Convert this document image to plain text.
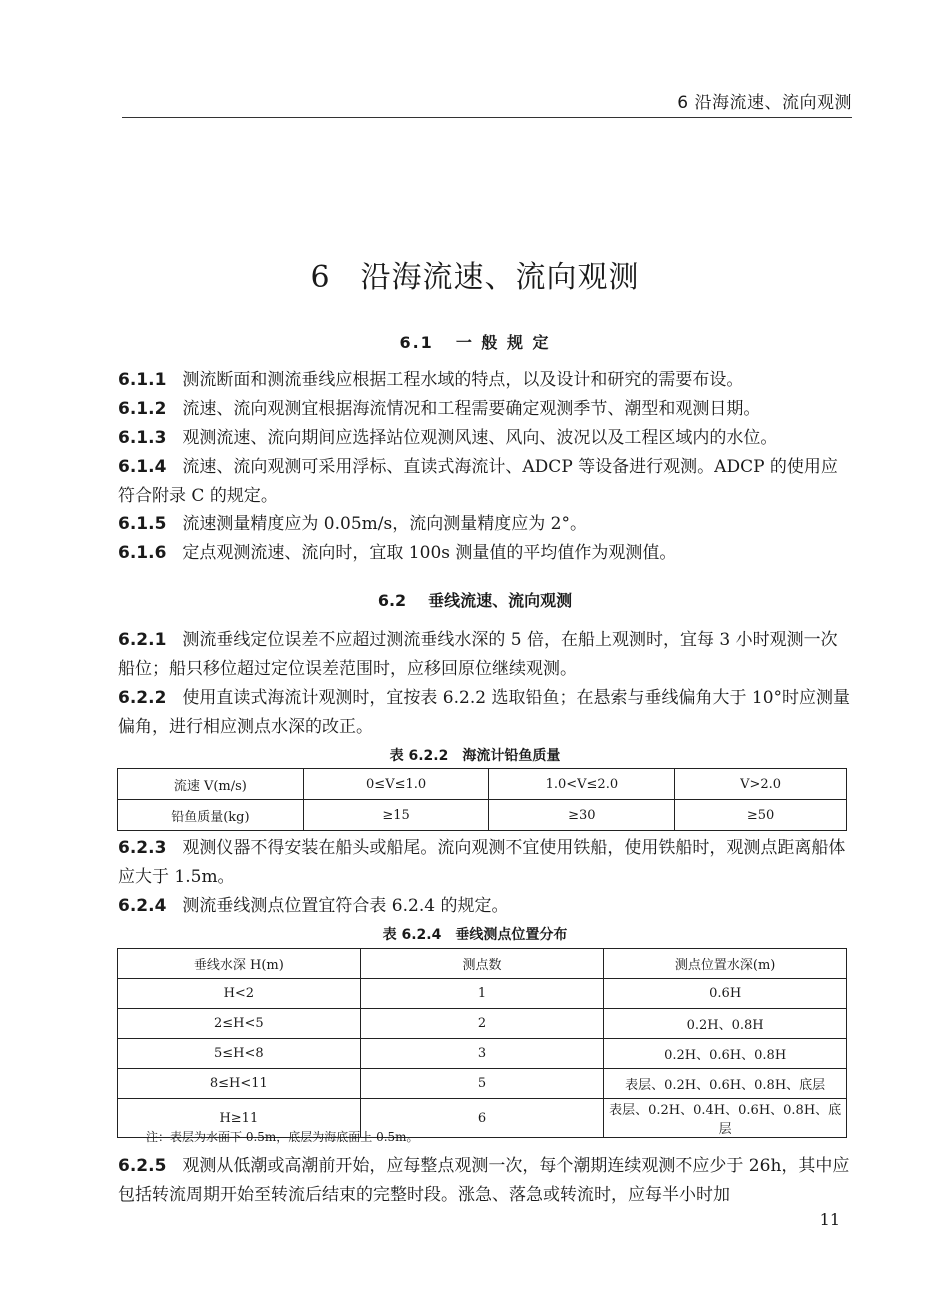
6 沿海流速、流向观测
6 沿海流速、流向观测
6.1 一 般 规 定
6.1.1 测流断面和测流垂线应根据工程水域的特点，以及设计和研究的需要布设。
6.1.2 流速、流向观测宜根据海流情况和工程需要确定观测季节、潮型和观测日期。
6.1.3 观测流速、流向期间应选择站位观测风速、风向、波况以及工程区域内的水位。
6.1.4 流速、流向观测可采用浮标、直读式海流计、ADCP 等设备进行观测。ADCP 的使用应符合附录 C 的规定。
6.1.5 流速测量精度应为 0.05m/s，流向测量精度应为 2°。
6.1.6 定点观测流速、流向时，宜取 100s 测量值的平均值作为观测值。
6.2 垂线流速、流向观测
6.2.1 测流垂线定位误差不应超过测流垂线水深的 5 倍，在船上观测时，宜每 3 小时观测一次船位；船只移位超过定位误差范围时，应移回原位继续观测。
6.2.2 使用直读式海流计观测时，宜按表 6.2.2 选取铅鱼；在悬索与垂线偏角大于 10°时应测量偏角，进行相应测点水深的改正。
表 6.2.2 海流计铅鱼质量
流速 V(m/s)	0≤V≤1.0	1.0<V≤2.0	V>2.0
铅鱼质量(kg)	≥15	≥30	≥50
6.2.3 观测仪器不得安装在船头或船尾。流向观测不宜使用铁船，使用铁船时，观测点距离船体应大于 1.5m。
6.2.4 测流垂线测点位置宜符合表 6.2.4 的规定。
表 6.2.4 垂线测点位置分布
垂线水深 H(m)	测点数	测点位置水深(m)
H<2	1	0.6H
2≤H<5	2	0.2H、0.8H
5≤H<8	3	0.2H、0.6H、0.8H
8≤H<11	5	表层、0.2H、0.6H、0.8H、底层
H≥11	6	表层、0.2H、0.4H、0.6H、0.8H、底层
注：表层为水面下 0.5m，底层为海底面上 0.5m。
6.2.5 观测从低潮或高潮前开始，应每整点观测一次，每个潮期连续观测不应少于 26h，其中应包括转流周期开始至转流后结束的完整时段。涨急、落急或转流时，应每半小时加
11
